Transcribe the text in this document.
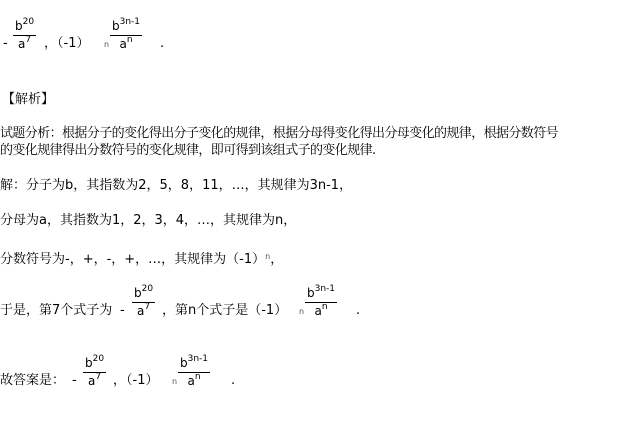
-
$b^{20}$
$a^7$ ，（-1） n
$b^{3n-1}$
$a^n$ .
【解析】
试题分析：根据分子的变化得出分子变化的规律，根据分母得变化得出分母变化的规律，根据分数符号
的变化规律得出分数符号的变化规律，即可得到该组式子的变化规律.
解：分子为b，其指数为2，5，8，11，…，其规律为3n-1，
分母为a，其指数为1，2，3，4，…，其规律为n，
分数符号为-，+，-，+，…，其规律为$(-1)^n$，
于是，第7个式子为 -
$b^{20}$
$a^7$ ，第n个式子是（-1） n
$b^{3n-1}$
$a^n$ .
故答案是： -
$b^{20}$
$a^7$ ，（-1） n
$b^{3n-1}$
$a^n$ .
